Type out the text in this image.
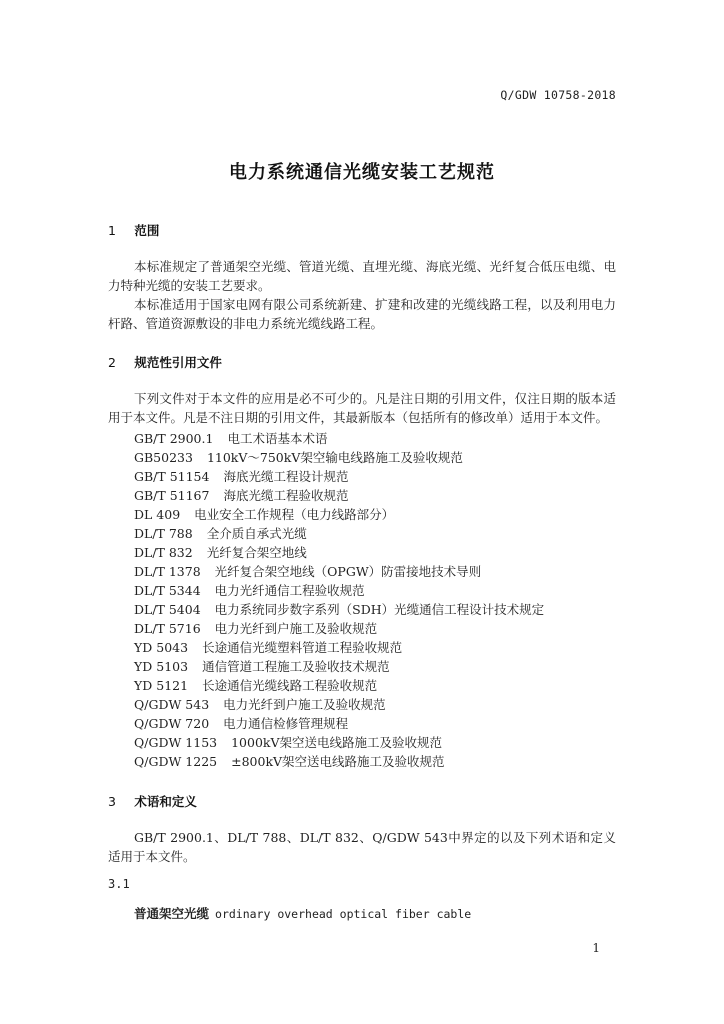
Q/GDW 10758-2018
电力系统通信光缆安装工艺规范
1 范围

本标准规定了普通架空光缆、管道光缆、直埋光缆、海底光缆、光纤复合低压电缆、电力特种光缆的安装工艺要求。

本标准适用于国家电网有限公司系统新建、扩建和改建的光缆线路工程，以及利用电力杆路、管道资源敷设的非电力系统光缆线路工程。

2 规范性引用文件

下列文件对于本文件的应用是必不可少的。凡是注日期的引用文件，仅注日期的版本适用于本文件。凡是不注日期的引用文件，其最新版本（包括所有的修改单）适用于本文件。

GB/T 2900.1 电工术语基本术语
GB50233 110kV～750kV架空输电线路施工及验收规范
GB/T 51154 海底光缆工程设计规范
GB/T 51167 海底光缆工程验收规范
DL 409 电业安全工作规程（电力线路部分）
DL/T 788 全介质自承式光缆
DL/T 832 光纤复合架空地线
DL/T 1378 光纤复合架空地线（OPGW）防雷接地技术导则
DL/T 5344 电力光纤通信工程验收规范
DL/T 5404 电力系统同步数字系列（SDH）光缆通信工程设计技术规定
DL/T 5716 电力光纤到户施工及验收规范
YD 5043 长途通信光缆塑料管道工程验收规范
YD 5103 通信管道工程施工及验收技术规范
YD 5121 长途通信光缆线路工程验收规范
Q/GDW 543 电力光纤到户施工及验收规范
Q/GDW 720 电力通信检修管理规程
Q/GDW 1153 1000kV架空送电线路施工及验收规范
Q/GDW 1225 ±800kV架空送电线路施工及验收规范
3 术语和定义

GB/T 2900.1、DL/T 788、DL/T 832、Q/GDW 543中界定的以及下列术语和定义适用于本文件。

3.1
普通架空光缆 ordinary overhead optical fiber cable
1
